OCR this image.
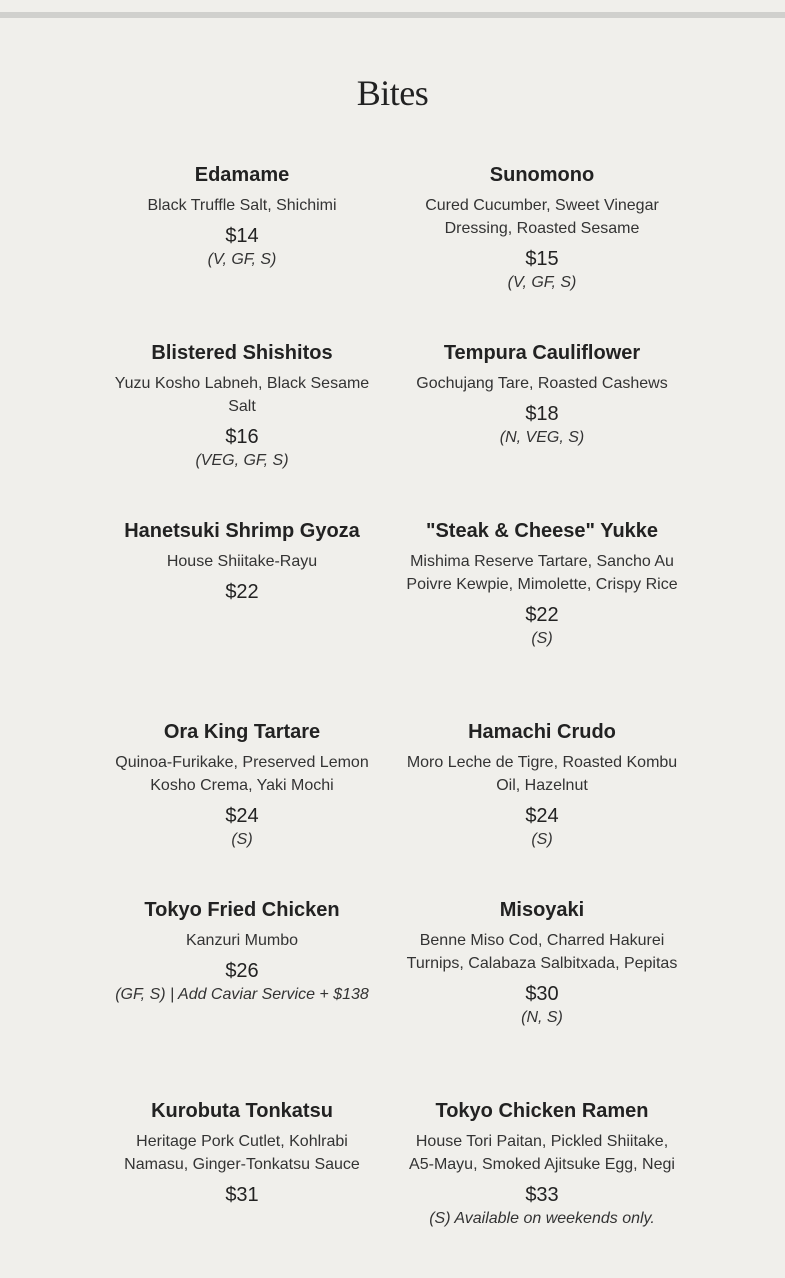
Bites
Edamame
Black Truffle Salt, Shichimi
$14
(V, GF, S)
Sunomono
Cured Cucumber, Sweet Vinegar Dressing, Roasted Sesame
$15
(V, GF, S)
Blistered Shishitos
Yuzu Kosho Labneh, Black Sesame Salt
$16
(VEG, GF, S)
Tempura Cauliflower
Gochujang Tare, Roasted Cashews
$18
(N, VEG, S)
Hanetsuki Shrimp Gyoza
House Shiitake-Rayu
$22
"Steak & Cheese" Yukke
Mishima Reserve Tartare, Sancho Au Poivre Kewpie, Mimolette, Crispy Rice
$22
(S)
Ora King Tartare
Quinoa-Furikake, Preserved Lemon Kosho Crema, Yaki Mochi
$24
(S)
Hamachi Crudo
Moro Leche de Tigre, Roasted Kombu Oil, Hazelnut
$24
(S)
Tokyo Fried Chicken
Kanzuri Mumbo
$26
(GF, S) | Add Caviar Service + $138
Misoyaki
Benne Miso Cod, Charred Hakurei Turnips, Calabaza Salbitxada, Pepitas
$30
(N, S)
Kurobuta Tonkatsu
Heritage Pork Cutlet, Kohlrabi Namasu, Ginger-Tonkatsu Sauce
$31
Tokyo Chicken Ramen
House Tori Paitan, Pickled Shiitake, A5-Mayu, Smoked Ajitsuke Egg, Negi
$33
(S) Available on weekends only.
